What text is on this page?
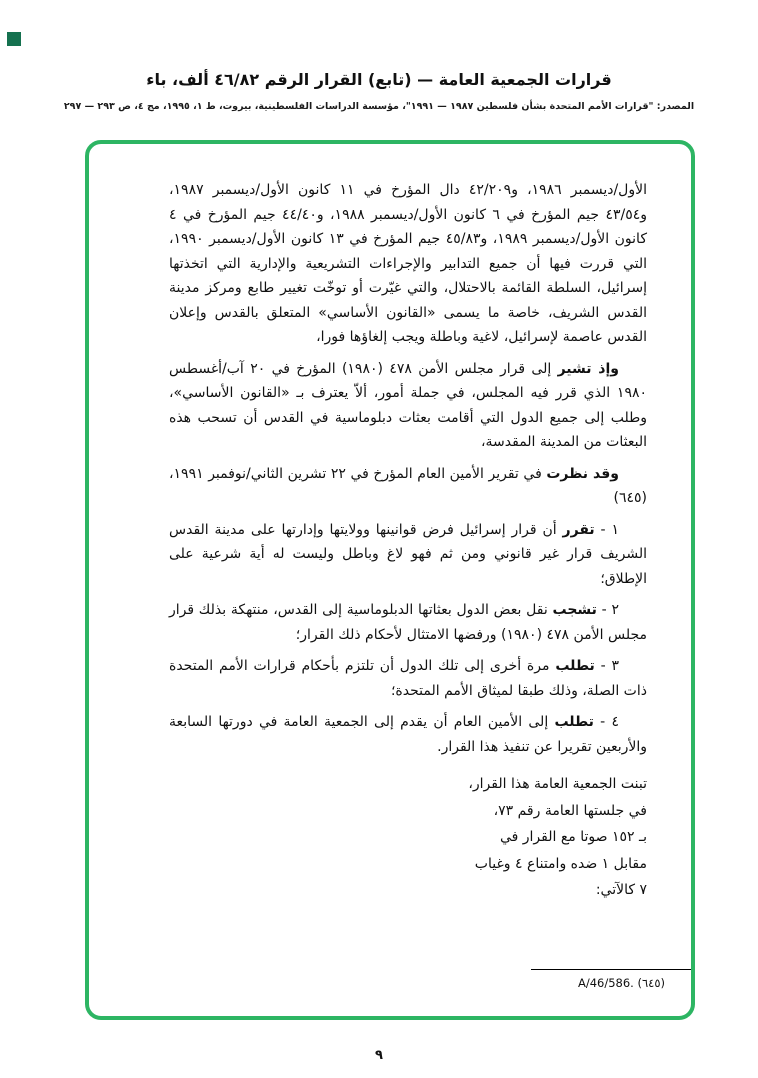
قرارات الجمعية العامة — (تابع) القرار الرقم ٤٦/٨٢ ألف، باء
المصدر: "قرارات الأمم المتحدة بشأن فلسطين ١٩٨٧ — ١٩٩١"، مؤسسة الدراسات الفلسطينية، بيروت، ط ١، ١٩٩٥، مج ٤، ص ٢٩٣ — ٢٩٧

الأول/ديسمبر ١٩٨٦، و٤٢/٢٠٩ دال المؤرخ في ١١ كانون الأول/ديسمبر ١٩٨٧، و٤٣/٥٤ جيم المؤرخ في ٦ كانون الأول/ديسمبر ١٩٨٨، و٤٤/٤٠ جيم المؤرخ في ٤ كانون الأول/ديسمبر ١٩٨٩، و٤٥/٨٣ جيم المؤرخ في ١٣ كانون الأول/ديسمبر ١٩٩٠، التي قررت فيها أن جميع التدابير والإجراءات التشريعية والإدارية التي اتخذتها إسرائيل، السلطة القائمة بالاحتلال، والتي غيّرت أو توخّت تغيير طابع ومركز مدينة القدس الشريف، خاصة ما يسمى «القانون الأساسي» المتعلق بالقدس وإعلان القدس عاصمة لإسرائيل، لاغية وباطلة ويجب إلغاؤها فورا،

وإذ تشير إلى قرار مجلس الأمن ٤٧٨ (١٩٨٠) المؤرخ في ٢٠ آب/أغسطس ١٩٨٠ الذي قرر فيه المجلس، في جملة أمور، ألاّ يعترف بـ «القانون الأساسي»، وطلب إلى جميع الدول التي أقامت بعثات دبلوماسية في القدس أن تسحب هذه البعثات من المدينة المقدسة،

وقد نظرت في تقرير الأمين العام المؤرخ في ٢٢ تشرين الثاني/نوفمبر ١٩٩١،(٦٤٥)

١ - تقرر أن قرار إسرائيل فرض قوانينها وولايتها وإدارتها على مدينة القدس الشريف قرار غير قانوني ومن ثم فهو لاغ وباطل وليست له أية شرعية على الإطلاق؛

٢ - تشجب نقل بعض الدول بعثاتها الدبلوماسية إلى القدس، منتهكة بذلك قرار مجلس الأمن ٤٧٨ (١٩٨٠) ورفضها الامتثال لأحكام ذلك القرار؛

٣ - تطلب مرة أخرى إلى تلك الدول أن تلتزم بأحكام قرارات الأمم المتحدة ذات الصلة، وذلك طبقا لميثاق الأمم المتحدة؛

٤ - تطلب إلى الأمين العام أن يقدم إلى الجمعية العامة في دورتها السابعة والأربعين تقريرا عن تنفيذ هذا القرار.

تبنت الجمعية العامة هذا القرار،
في جلستها العامة رقم ٧٣،
بـ ١٥٢ صوتا مع القرار في
مقابل ١ ضده وامتناع ٤ وغياب
٧ كالآتي:
(٦٤٥) A/46/586.
٩
